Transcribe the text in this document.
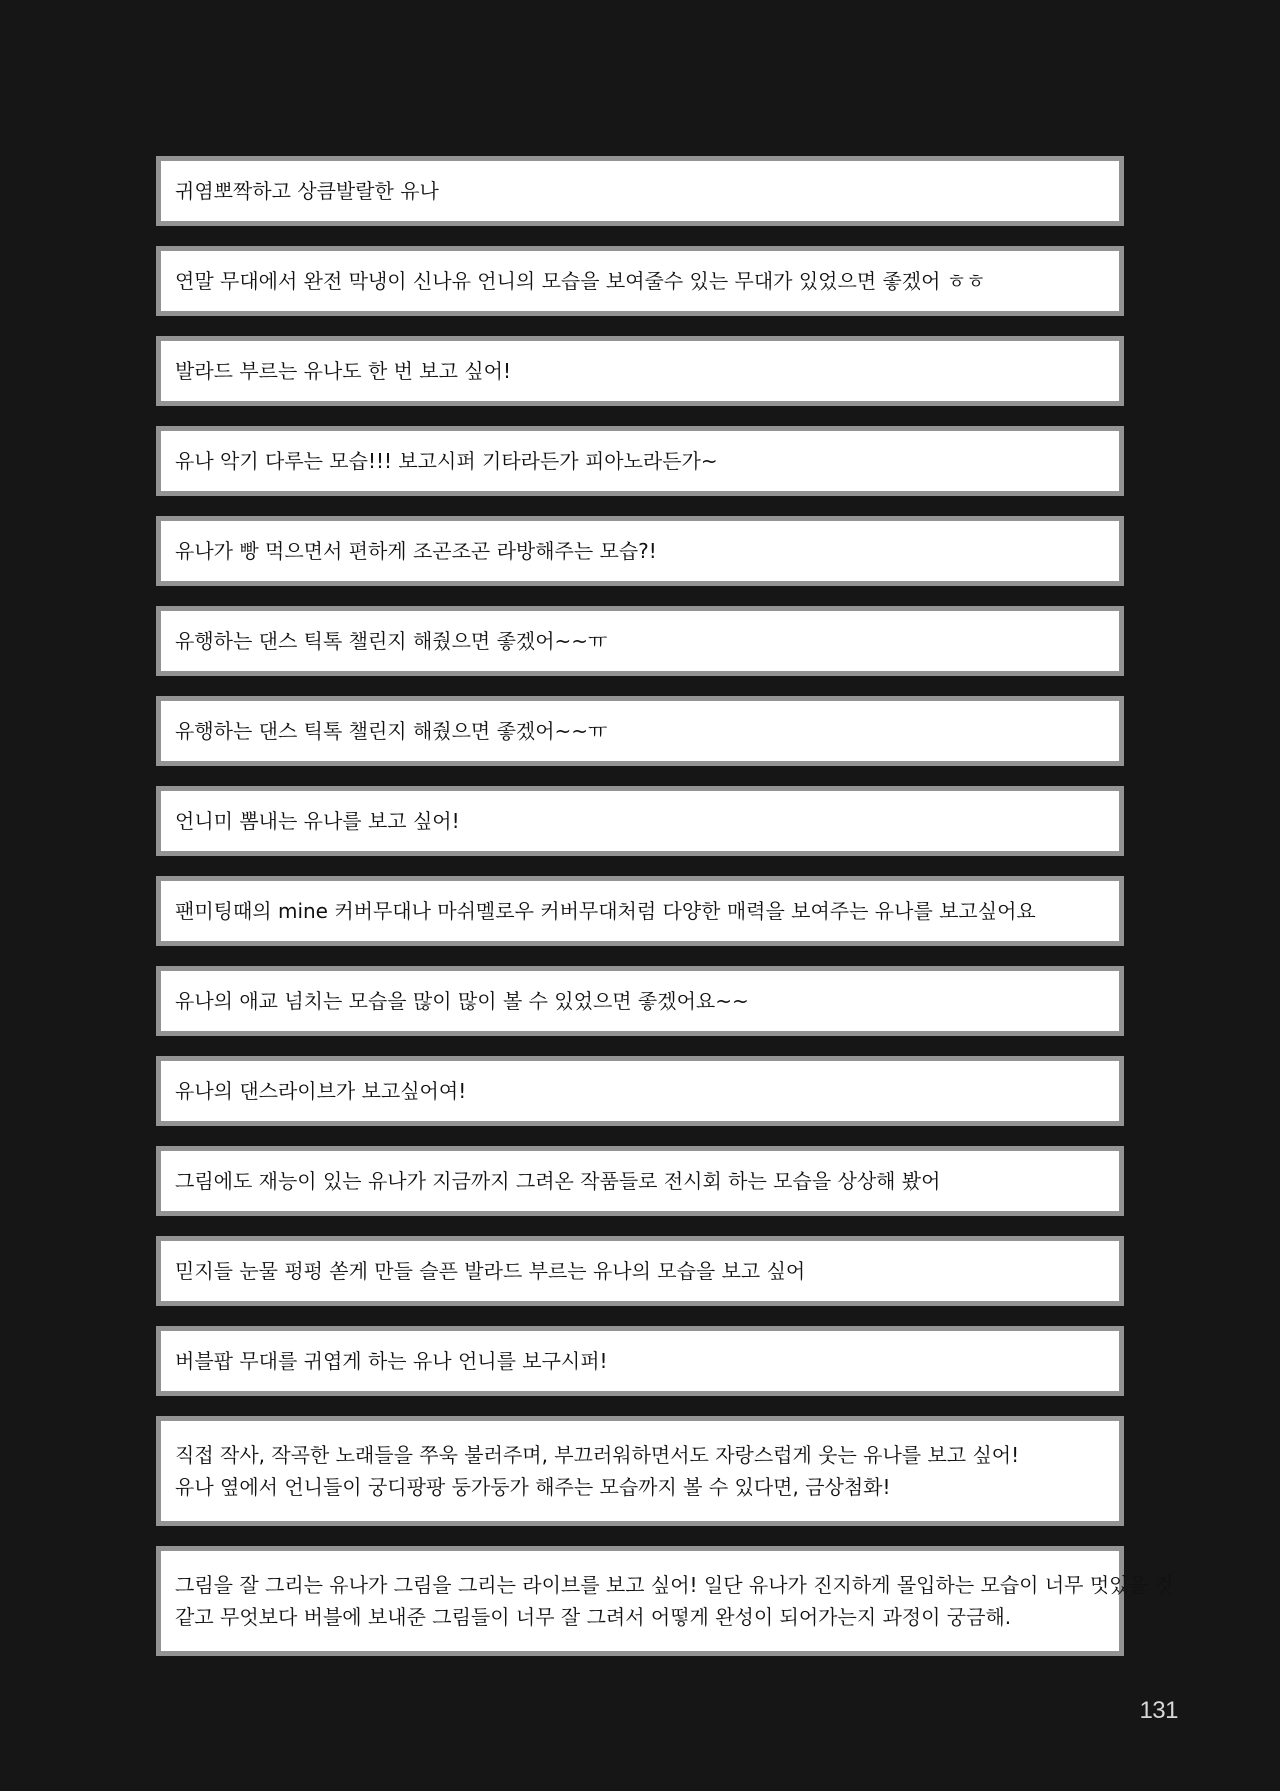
귀염뽀짝하고 상큼발랄한 유나
연말 무대에서 완전 막냉이 신나유 언니의 모습을 보여줄수 있는 무대가 있었으면 좋겠어 ㅎㅎ
발라드 부르는 유나도 한 번 보고 싶어!
유나 악기 다루는 모습!!! 보고시퍼 기타라든가 피아노라든가~
유나가 빵 먹으면서 편하게 조곤조곤 라방해주는 모습?!
유행하는 댄스 틱톡 챌린지 해줬으면 좋겠어~~ㅠ
유행하는 댄스 틱톡 챌린지 해줬으면 좋겠어~~ㅠ
언니미 뽐내는 유나를 보고 싶어!
팬미팅때의 mine 커버무대나 마쉬멜로우 커버무대처럼 다양한 매력을 보여주는 유나를 보고싶어요
유나의 애교 넘치는 모습을 많이 많이 볼 수 있었으면 좋겠어요~~
유나의 댄스라이브가 보고싶어여!
그림에도 재능이 있는 유나가 지금까지 그려온 작품들로 전시회 하는 모습을 상상해 봤어
믿지들 눈물 펑펑 쏟게 만들 슬픈 발라드 부르는 유나의 모습을 보고 싶어
버블팝 무대를 귀엽게 하는 유나 언니를 보구시퍼!
직접 작사, 작곡한 노래들을 쭈욱 불러주며, 부끄러워하면서도 자랑스럽게 웃는 유나를 보고 싶어!
유나 옆에서 언니들이 궁디팡팡 둥가둥가 해주는 모습까지 볼 수 있다면, 금상첨화!
그림을 잘 그리는 유나가 그림을 그리는 라이브를 보고 싶어! 일단 유나가 진지하게 몰입하는 모습이 너무 멋있을 것
같고 무엇보다 버블에 보내준 그림들이 너무 잘 그려서 어떻게 완성이 되어가는지 과정이 궁금해.
131
